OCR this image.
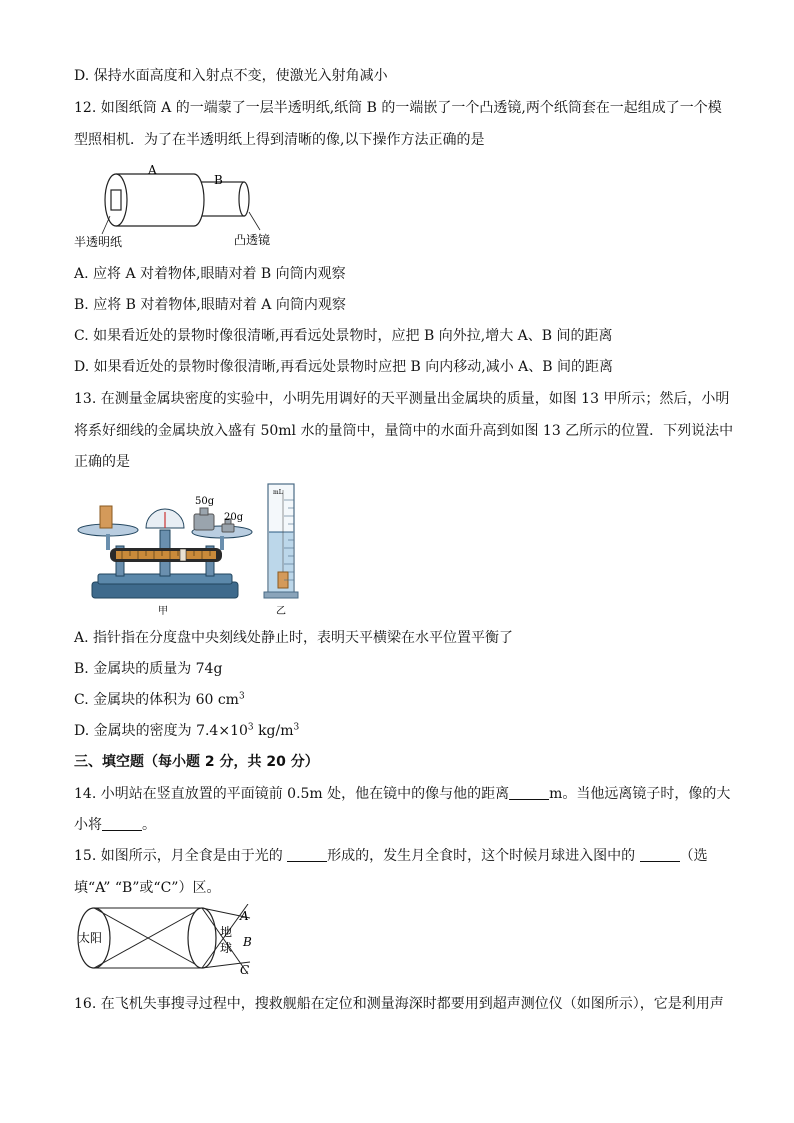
D. 保持水面高度和入射点不变，使激光入射角减小
12. 如图纸筒 A 的一端蒙了一层半透明纸,纸筒 B 的一端嵌了一个凸透镜,两个纸筒套在一起组成了一个模
型照相机．为了在半透明纸上得到清晰的像,以下操作方法正确的是
A
B
半透明纸	凸透镜
A. 应将 A 对着物体,眼睛对着 B 向筒内观察
B. 应将 B 对着物体,眼睛对着 A 向筒内观察
C. 如果看近处的景物时像很清晰,再看远处景物时，应把 B 向外拉,增大 A、B 间的距离
D. 如果看近处的景物时像很清晰,再看远处景物时应把 B 向内移动,减小 A、B 间的距离
13. 在测量金属块密度的实验中，小明先用调好的天平测量出金属块的质量，如图 13 甲所示；然后，小明
将系好细线的金属块放入盛有 50ml 水的量筒中，量筒中的水面升高到如图 13 乙所示的位置．下列说法中
正确的是
50g
20g
甲
mL
乙
A. 指针指在分度盘中央刻线处静止时，表明天平横梁在水平位置平衡了
B. 金属块的质量为 74g
C. 金属块的体积为 60 $cm^3$
D. 金属块的密度为 $7.4\times 10^3$ $kg/m^3$
三、填空题（每小题 2 分，共 20 分）
14. 小明站在竖直放置的平面镜前 0.5m 处，他在镜中的像与他的距离	m。当他远离镜子时，像的大
小将	。
15. 如图所示，月全食是由于光的	形成的，发生月全食时，这个时候月球进入图中的	（选
填“A” “B”或“C”）区。
太阳	地
球
A
B
C
16. 在飞机失事搜寻过程中，搜救舰船在定位和测量海深时都要用到超声测位仪（如图所示），它是利用声
